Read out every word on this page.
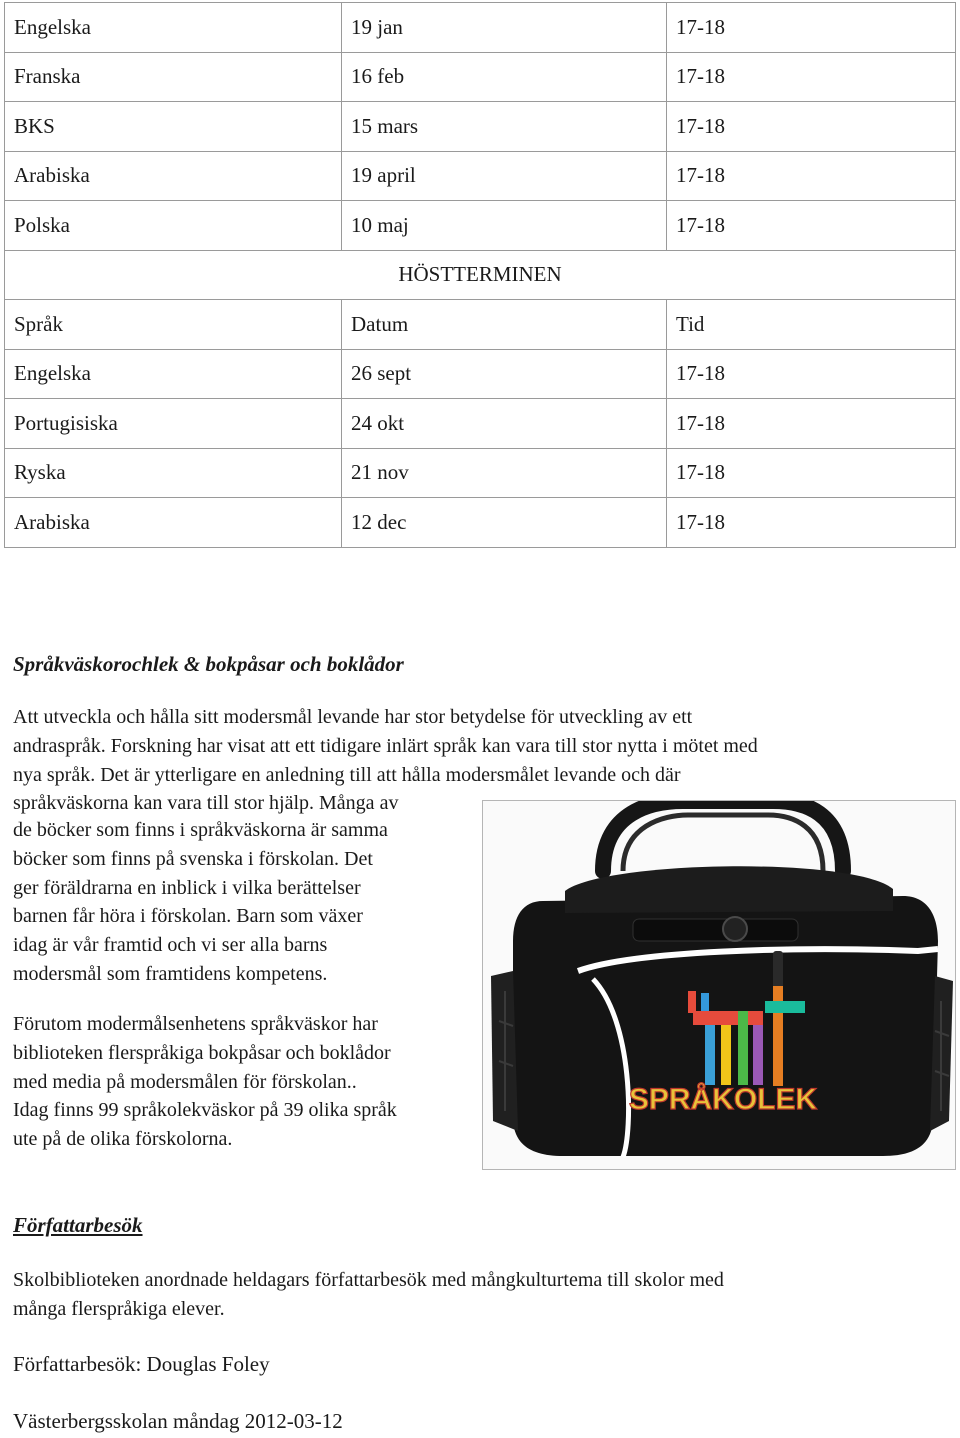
Engelska	19 jan	17-18
Franska	16 feb	17-18
BKS	15 mars	17-18
Arabiska	19 april	17-18
Polska	10 maj	17-18
HÖSTTERMINEN		
Språk	Datum	Tid
Engelska	26 sept	17-18
Portugisiska	24 okt	17-18
Ryska	21 nov	17-18
Arabiska	12 dec	17-18
Språkväskorochlek & bokpåsar och boklådor

Att utveckla och hålla sitt modersmål levande har stor betydelse för utveckling av ett
andraspråk. Forskning har visat att ett tidigare inlärt språk kan vara till stor nytta i mötet med
nya språk. Det är ytterligare en anledning till att hålla modersmålet levande och där
språkväskorna kan vara till stor hjälp. Många av

de böcker som finns i språkväskorna är samma
böcker som finns på svenska i förskolan. Det
ger föräldrarna en inblick i vilka berättelser
barnen får höra i förskolan. Barn som växer
idag är vår framtid och vi ser alla barns
modersmål som framtidens kompetens.

Förutom modermålsenhetens språkväskor har
biblioteken flerspråkiga bokpåsar och boklådor
med media på modersmålen för förskolan..
Idag finns 99 språkolekväskor på 39 olika språk
ute på de olika förskolorna.

SPRÅKOLEK
Författarbesök

Skolbiblioteken anordnade heldagars författarbesök med mångkulturtema till skolor med
många flerspråkiga elever.

Författarbesök: Douglas Foley

Västerbergsskolan måndag 2012-03-12
